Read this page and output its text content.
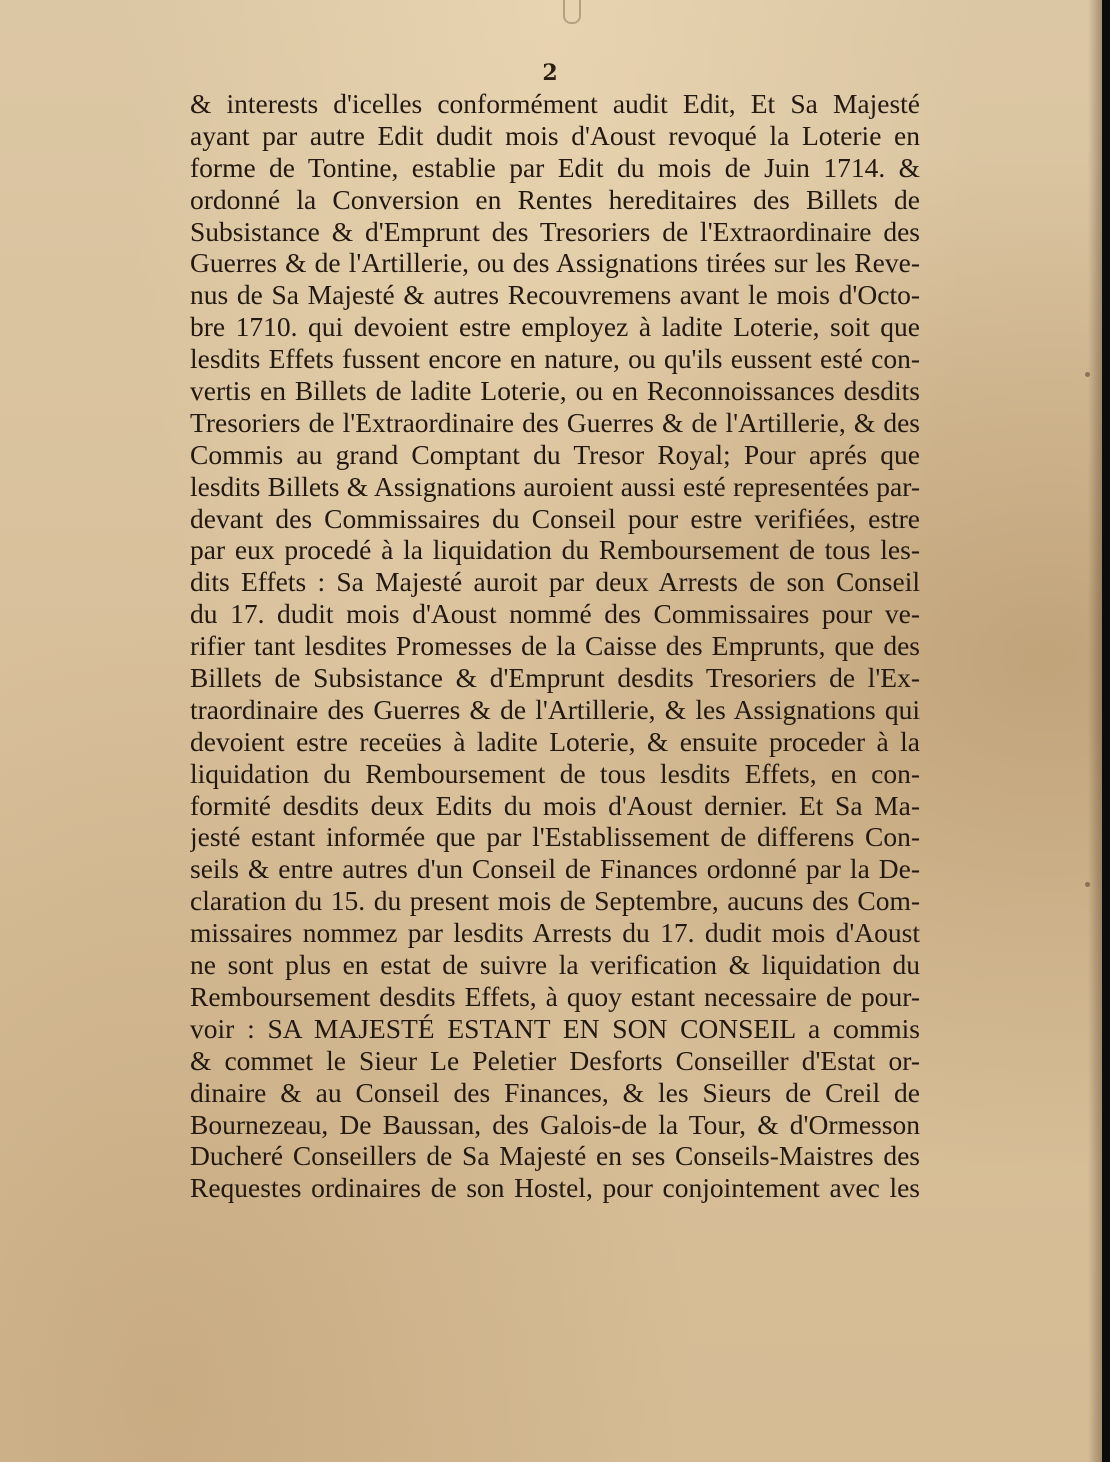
2
& interests d'icelles conformément audit Edit, Et Sa Majesté
ayant par autre Edit dudit mois d'Aoust revoqué la Loterie en
forme de Tontine, establie par Edit du mois de Juin 1714. &
ordonné la Conversion en Rentes hereditaires des Billets de
Subsistance & d'Emprunt des Tresoriers de l'Extraordinaire des
Guerres & de l'Artillerie, ou des Assignations tirées sur les Reve-
nus de Sa Majesté & autres Recouvremens avant le mois d'Octo-
bre 1710. qui devoient estre employez à ladite Loterie, soit que
lesdits Effets fussent encore en nature, ou qu'ils eussent esté con-
vertis en Billets de ladite Loterie, ou en Reconnoissances desdits
Tresoriers de l'Extraordinaire des Guerres & de l'Artillerie, & des
Commis au grand Comptant du Tresor Royal; Pour aprés que
lesdits Billets & Assignations auroient aussi esté representées par-
devant des Commissaires du Conseil pour estre verifiées, estre
par eux procedé à la liquidation du Remboursement de tous les-
dits Effets : Sa Majesté auroit par deux Arrests de son Conseil
du 17. dudit mois d'Aoust nommé des Commissaires pour ve-
rifier tant lesdites Promesses de la Caisse des Emprunts, que des
Billets de Subsistance & d'Emprunt desdits Tresoriers de l'Ex-
traordinaire des Guerres & de l'Artillerie, & les Assignations qui
devoient estre receües à ladite Loterie, & ensuite proceder à la
liquidation du Remboursement de tous lesdits Effets, en con-
formité desdits deux Edits du mois d'Aoust dernier. Et Sa Ma-
jesté estant informée que par l'Establissement de differens Con-
seils & entre autres d'un Conseil de Finances ordonné par la De-
claration du 15. du present mois de Septembre, aucuns des Com-
missaires nommez par lesdits Arrests du 17. dudit mois d'Aoust
ne sont plus en estat de suivre la verification & liquidation du
Remboursement desdits Effets, à quoy estant necessaire de pour-
voir : SA MAJESTÉ ESTANT EN SON CONSEIL a commis
& commet le Sieur Le Peletier Desforts Conseiller d'Estat or-
dinaire & au Conseil des Finances, & les Sieurs de Creil de
Bournezeau, De Baussan, des Galois-de la Tour, & d'Ormesson
Ducheré Conseillers de Sa Majesté en ses Conseils-Maistres des
Requestes ordinaires de son Hostel, pour conjointement avec les
